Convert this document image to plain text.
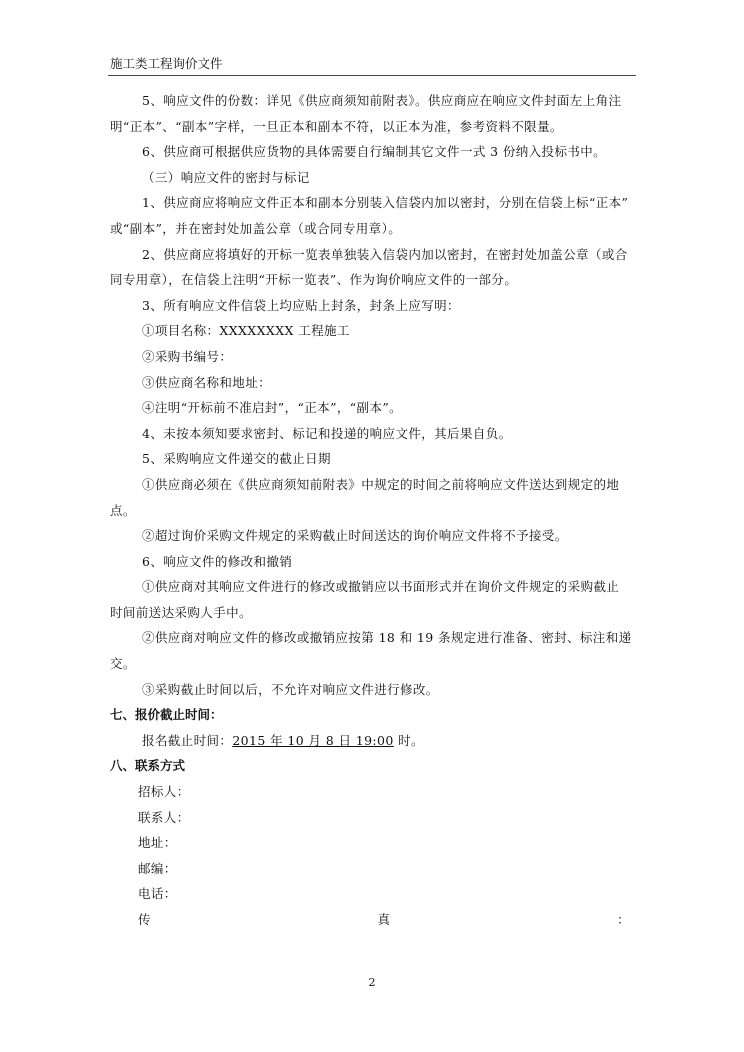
施工类工程询价文件

5、响应文件的份数：详见《供应商须知前附表》。供应商应在响应文件封面左上角注

明“正本”、“副本”字样，一旦正本和副本不符，以正本为准，参考资料不限量。

6、供应商可根据供应货物的具体需要自行编制其它文件一式 3 份纳入投标书中。

（三）响应文件的密封与标记

1、供应商应将响应文件正本和副本分别装入信袋内加以密封，分别在信袋上标“正本”

或“副本”，并在密封处加盖公章（或合同专用章）。

2、供应商应将填好的开标一览表单独装入信袋内加以密封，在密封处加盖公章（或合

同专用章），在信袋上注明“开标一览表”、作为询价响应文件的一部分。

3、所有响应文件信袋上均应贴上封条，封条上应写明：

①项目名称：XXXXXXXX 工程施工

②采购书编号：

③供应商名称和地址：

④注明“开标前不准启封”，“正本”，“副本”。

4、未按本须知要求密封、标记和投递的响应文件，其后果自负。

5、采购响应文件递交的截止日期

①供应商必须在《供应商须知前附表》中规定的时间之前将响应文件送达到规定的地

点。

②超过询价采购文件规定的采购截止时间送达的询价响应文件将不予接受。

6、响应文件的修改和撤销

①供应商对其响应文件进行的修改或撤销应以书面形式并在询价文件规定的采购截止

时间前送达采购人手中。

②供应商对响应文件的修改或撤销应按第 18 和 19 条规定进行准备、密封、标注和递

交。

③采购截止时间以后，不允许对响应文件进行修改。

七、报价截止时间：

报名截止时间：2015 年 10 月 8 日 19:00 时。

八、联系方式

招标人：

联系人：

地址：

邮编：

电话：

传	真	：

2
